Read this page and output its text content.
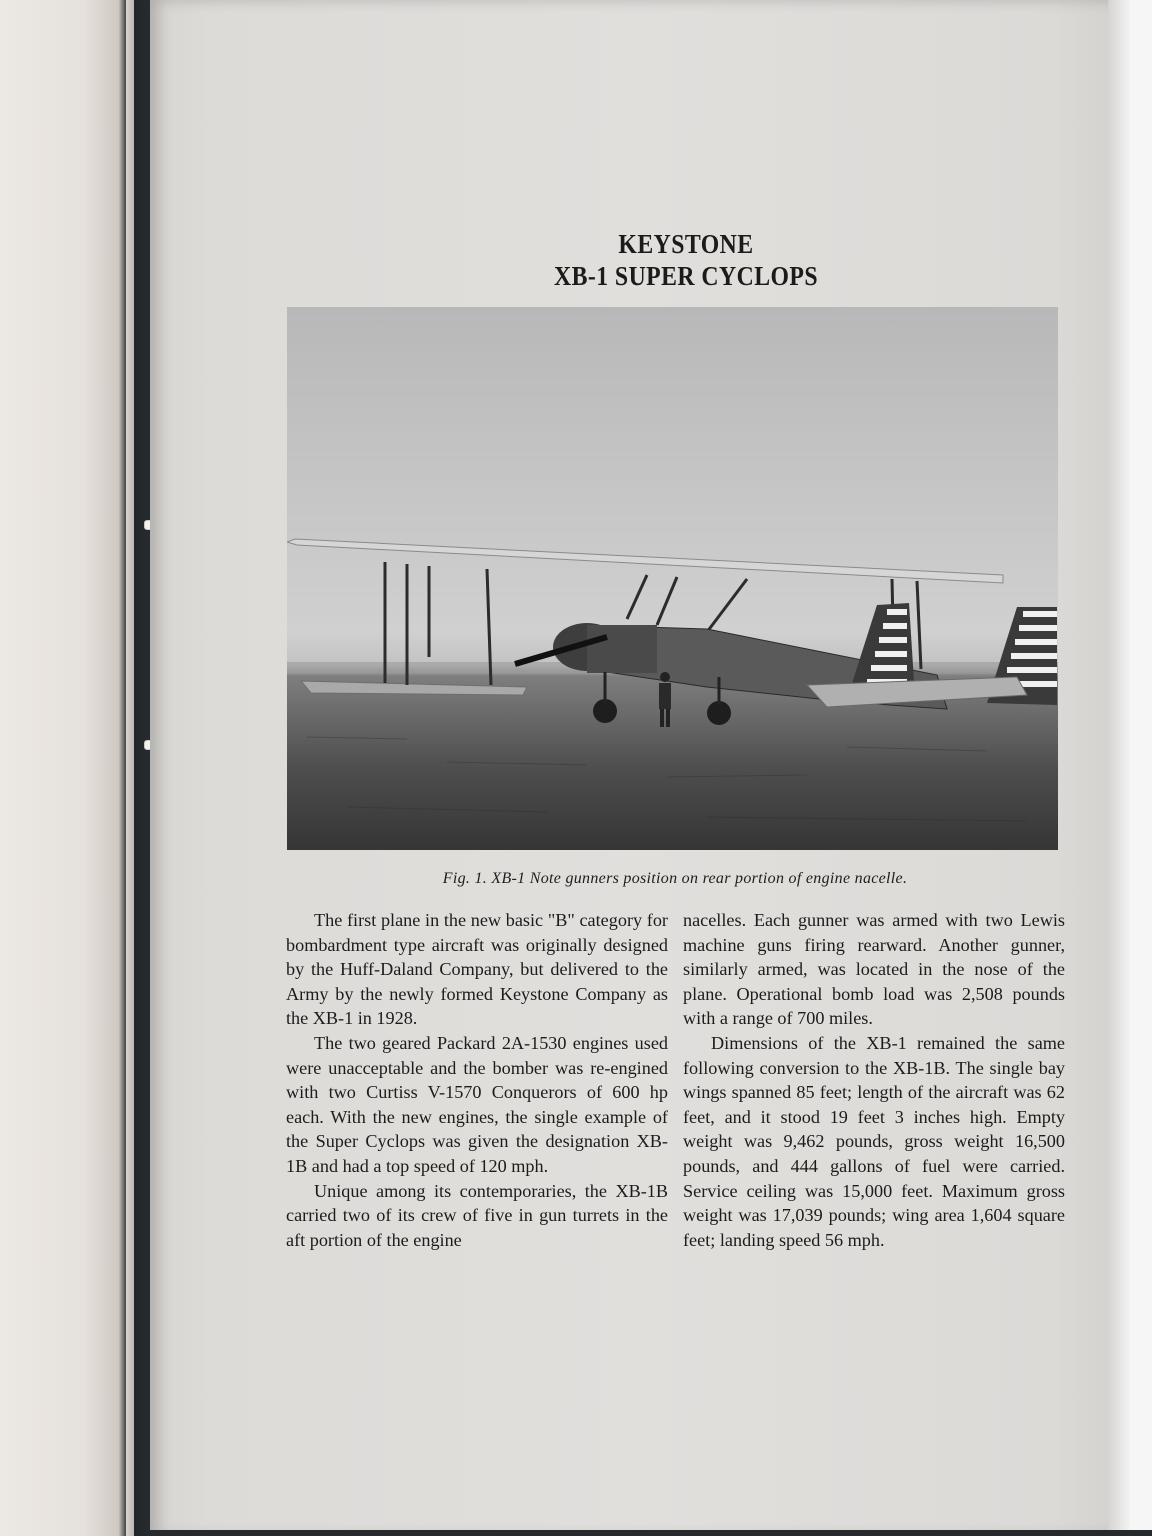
KEYSTONE
XB-1 SUPER CYCLOPS
Fig. 1. XB-1 Note gunners position on rear portion of engine nacelle.

The first plane in the new basic "B" category for bombardment type aircraft was originally designed by the Huff-Daland Company, but delivered to the Army by the newly formed Keystone Company as the XB-1 in 1928.

The two geared Packard 2A-1530 engines used were unacceptable and the bomber was re-engined with two Curtiss V-1570 Conquerors of 600 hp each. With the new engines, the single example of the Super Cyclops was given the designation XB-1B and had a top speed of 120 mph.

Unique among its contemporaries, the XB-1B carried two of its crew of five in gun turrets in the aft portion of the engine

nacelles. Each gunner was armed with two Lewis machine guns firing rearward. Another gunner, similarly armed, was located in the nose of the plane. Operational bomb load was 2,508 pounds with a range of 700 miles.

Dimensions of the XB-1 remained the same following conversion to the XB-1B. The single bay wings spanned 85 feet; length of the aircraft was 62 feet, and it stood 19 feet 3 inches high. Empty weight was 9,462 pounds, gross weight 16,500 pounds, and 444 gallons of fuel were carried. Service ceiling was 15,000 feet. Maximum gross weight was 17,039 pounds; wing area 1,604 square feet; landing speed 56 mph.
